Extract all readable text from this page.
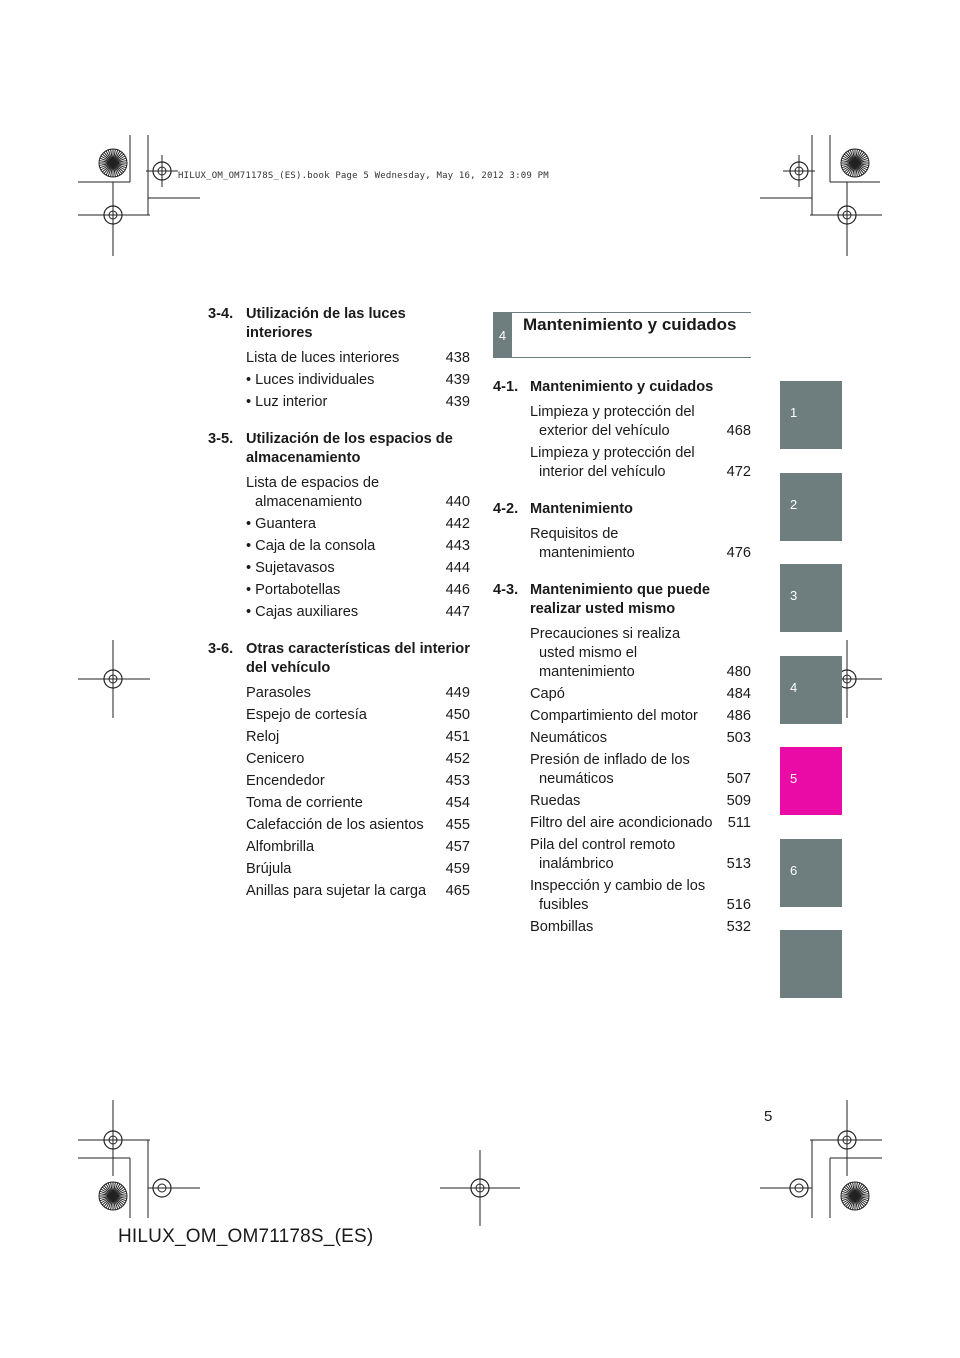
HILUX_OM_OM71178S_(ES).book Page 5 Wednesday, May 16, 2012 3:09 PM
3-4. Utilización de las luces interiores
Lista de luces interiores	438
• Luces individuales	439
• Luz interior	439
3-5. Utilización de los espacios de almacenamiento
Lista de espacios de almacenamiento	440
• Guantera	442
• Caja de la consola	443
• Sujetavasos	444
• Portabotellas	446
• Cajas auxiliares	447
3-6. Otras características del interior del vehículo
Parasoles	449
Espejo de cortesía	450
Reloj	451
Cenicero	452
Encendedor	453
Toma de corriente	454
Calefacción de los asientos	455
Alfombrilla	457
Brújula	459
Anillas para sujetar la carga	465
4
Mantenimiento y cuidados
4-1. Mantenimiento y cuidados
Limpieza y protección del exterior del vehículo	468
Limpieza y protección del interior del vehículo	472
4-2. Mantenimiento
Requisitos de mantenimiento	476
4-3. Mantenimiento que puede realizar usted mismo
Precauciones si realiza usted mismo el mantenimiento	480
Capó	484
Compartimiento del motor	486
Neumáticos	503
Presión de inflado de los neumáticos	507
Ruedas	509
Filtro del aire acondicionado	511
Pila del control remoto inalámbrico	513
Inspección y cambio de los fusibles	516
Bombillas	532
1
2
3
4
5
6
5
HILUX_OM_OM71178S_(ES)
